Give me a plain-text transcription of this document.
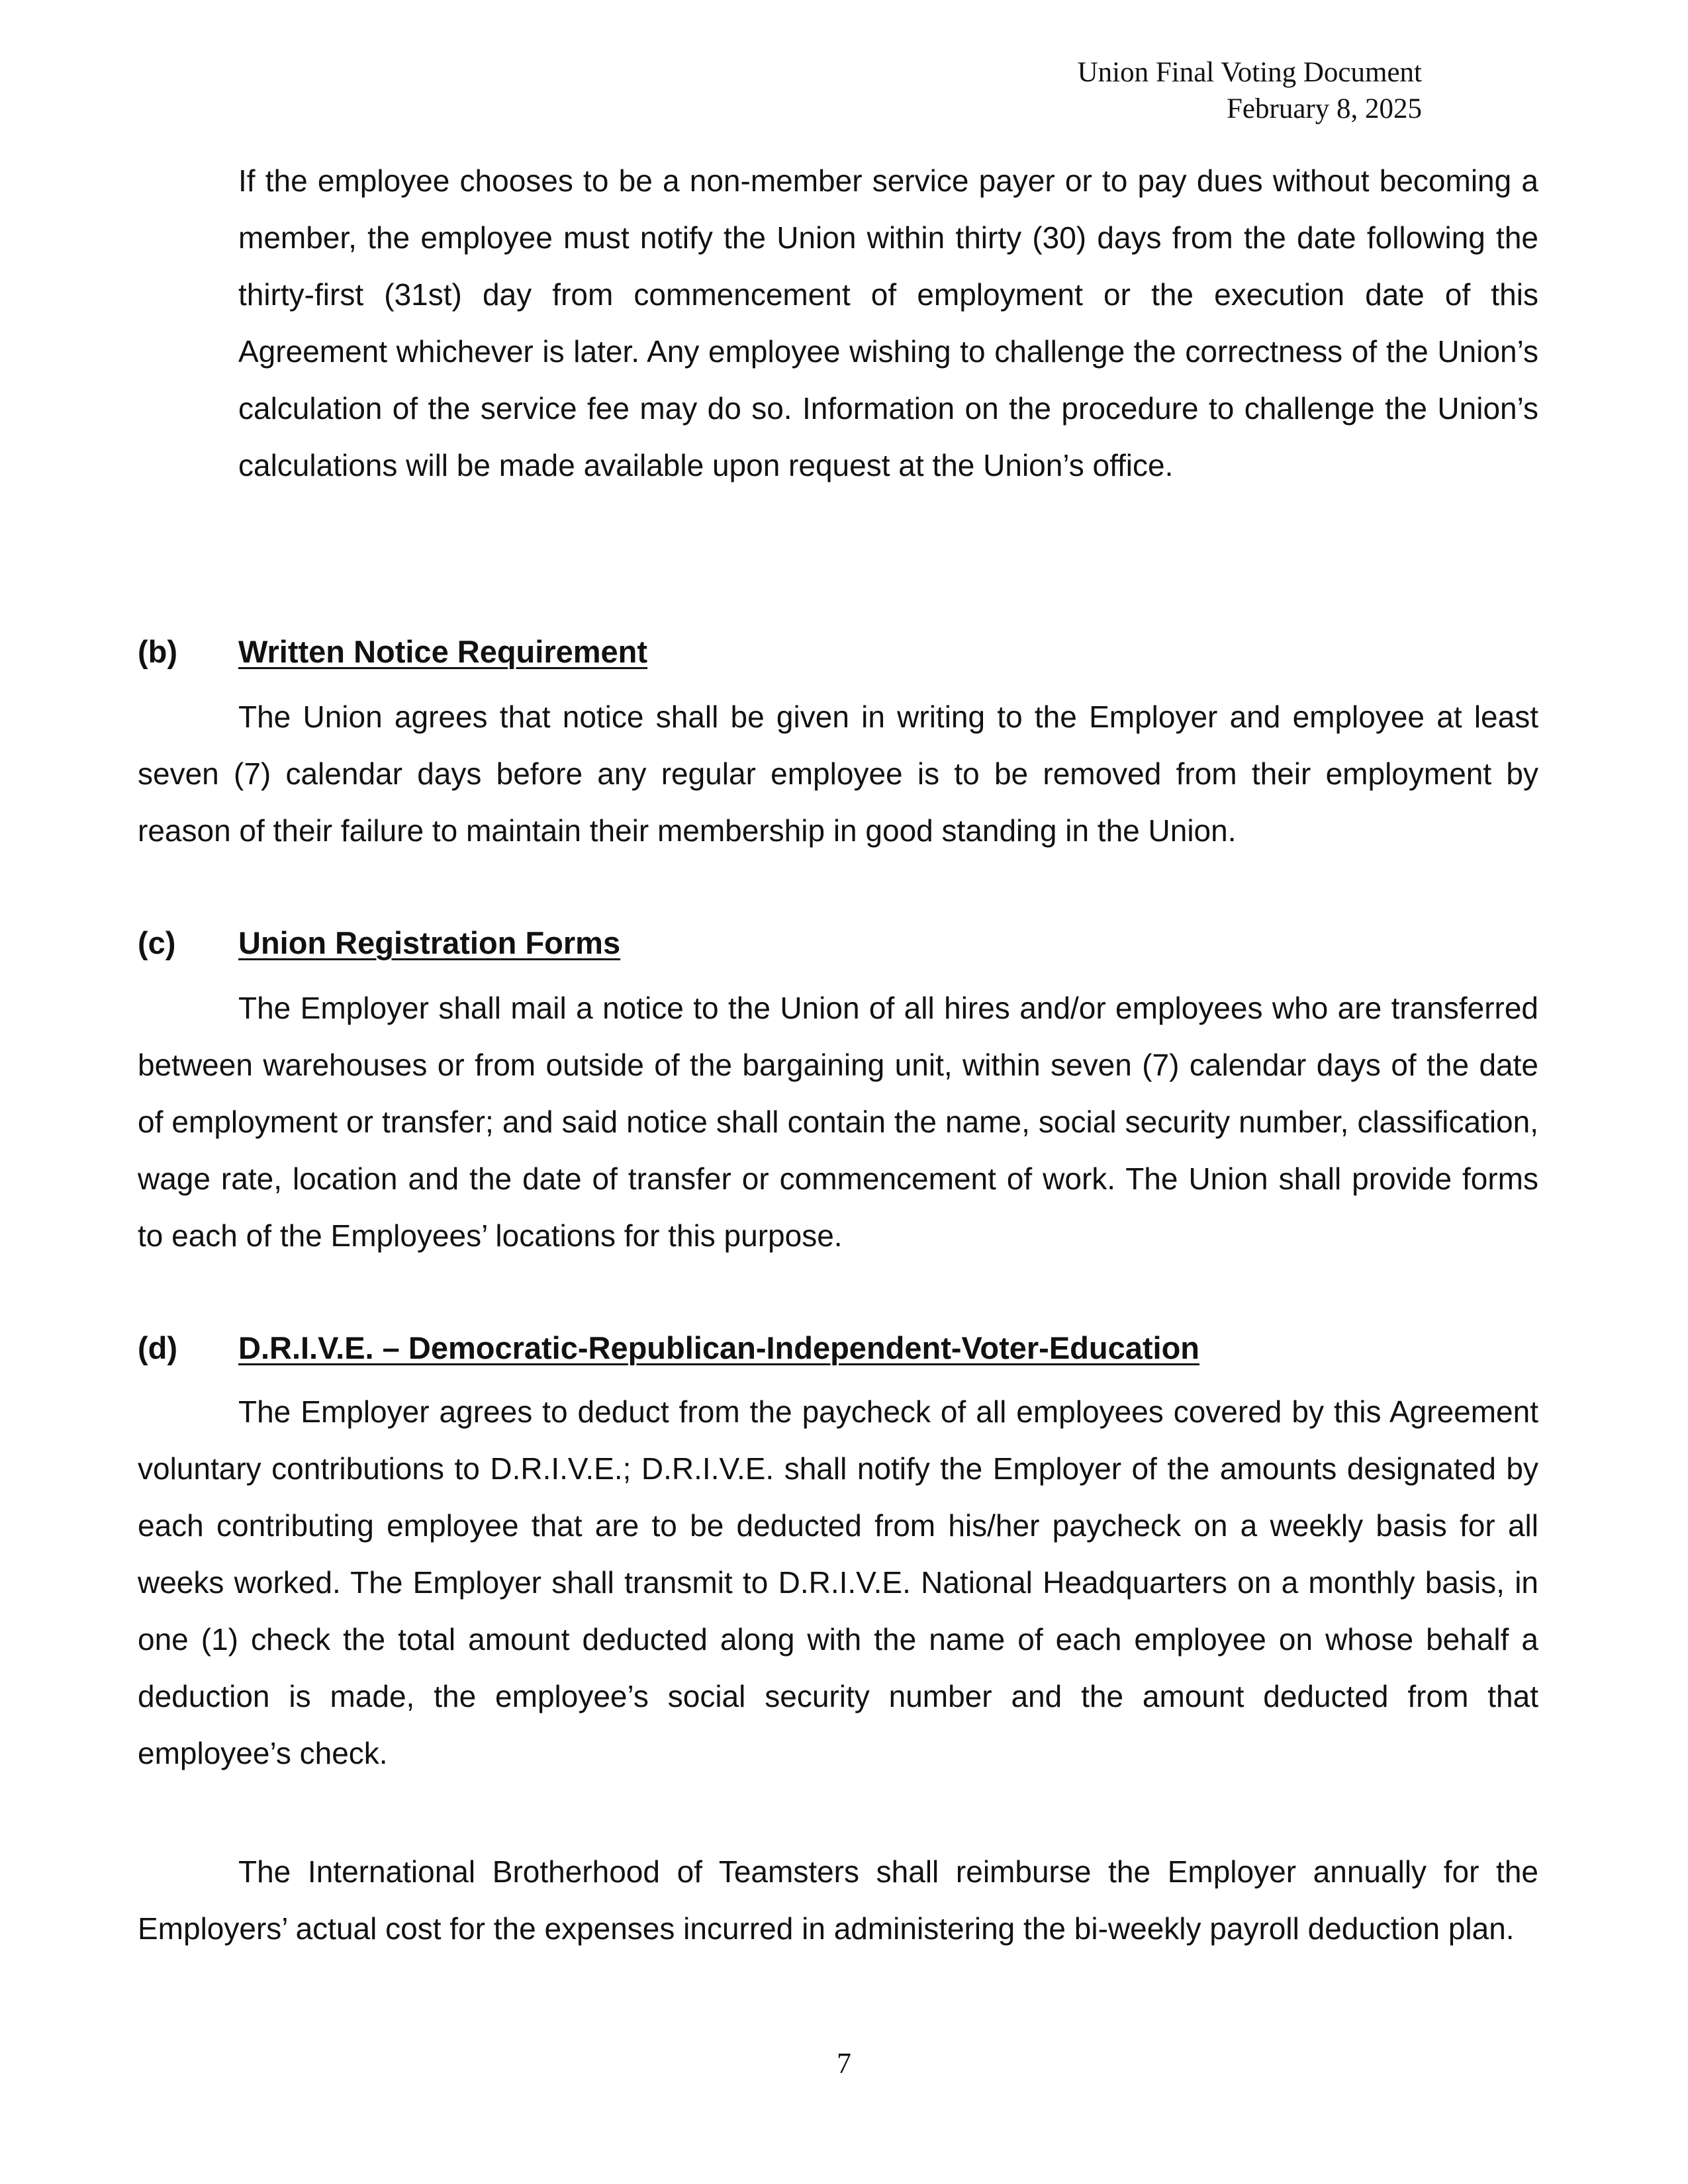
Union Final Voting Document
February 8, 2025

If the employee chooses to be a non-member service payer or to pay dues without becoming a member, the employee must notify the Union within thirty (30) days from the date following the thirty-first (31st) day from commencement of employment or the execution date of this Agreement whichever is later. Any employee wishing to challenge the correctness of the Union’s calculation of the service fee may do so. Information on the procedure to challenge the Union’s calculations will be made available upon request at the Union’s office.

(b) Written Notice Requirement

The Union agrees that notice shall be given in writing to the Employer and employee at least seven (7) calendar days before any regular employee is to be removed from their employment by reason of their failure to maintain their membership in good standing in the Union.

(c) Union Registration Forms

The Employer shall mail a notice to the Union of all hires and/or employees who are transferred between warehouses or from outside of the bargaining unit, within seven (7) calendar days of the date of employment or transfer; and said notice shall contain the name, social security number, classification, wage rate, location and the date of transfer or commencement of work. The Union shall provide forms to each of the Employees’ locations for this purpose.

(d) D.R.I.V.E. – Democratic-Republican-Independent-Voter-Education

The Employer agrees to deduct from the paycheck of all employees covered by this Agreement voluntary contributions to D.R.I.V.E.; D.R.I.V.E. shall notify the Employer of the amounts designated by each contributing employee that are to be deducted from his/her paycheck on a weekly basis for all weeks worked. The Employer shall transmit to D.R.I.V.E. National Headquarters on a monthly basis, in one (1) check the total amount deducted along with the name of each employee on whose behalf a deduction is made, the employee’s social security number and the amount deducted from that employee’s check.

The International Brotherhood of Teamsters shall reimburse the Employer annually for the Employers’ actual cost for the expenses incurred in administering the bi-weekly payroll deduction plan.

7
